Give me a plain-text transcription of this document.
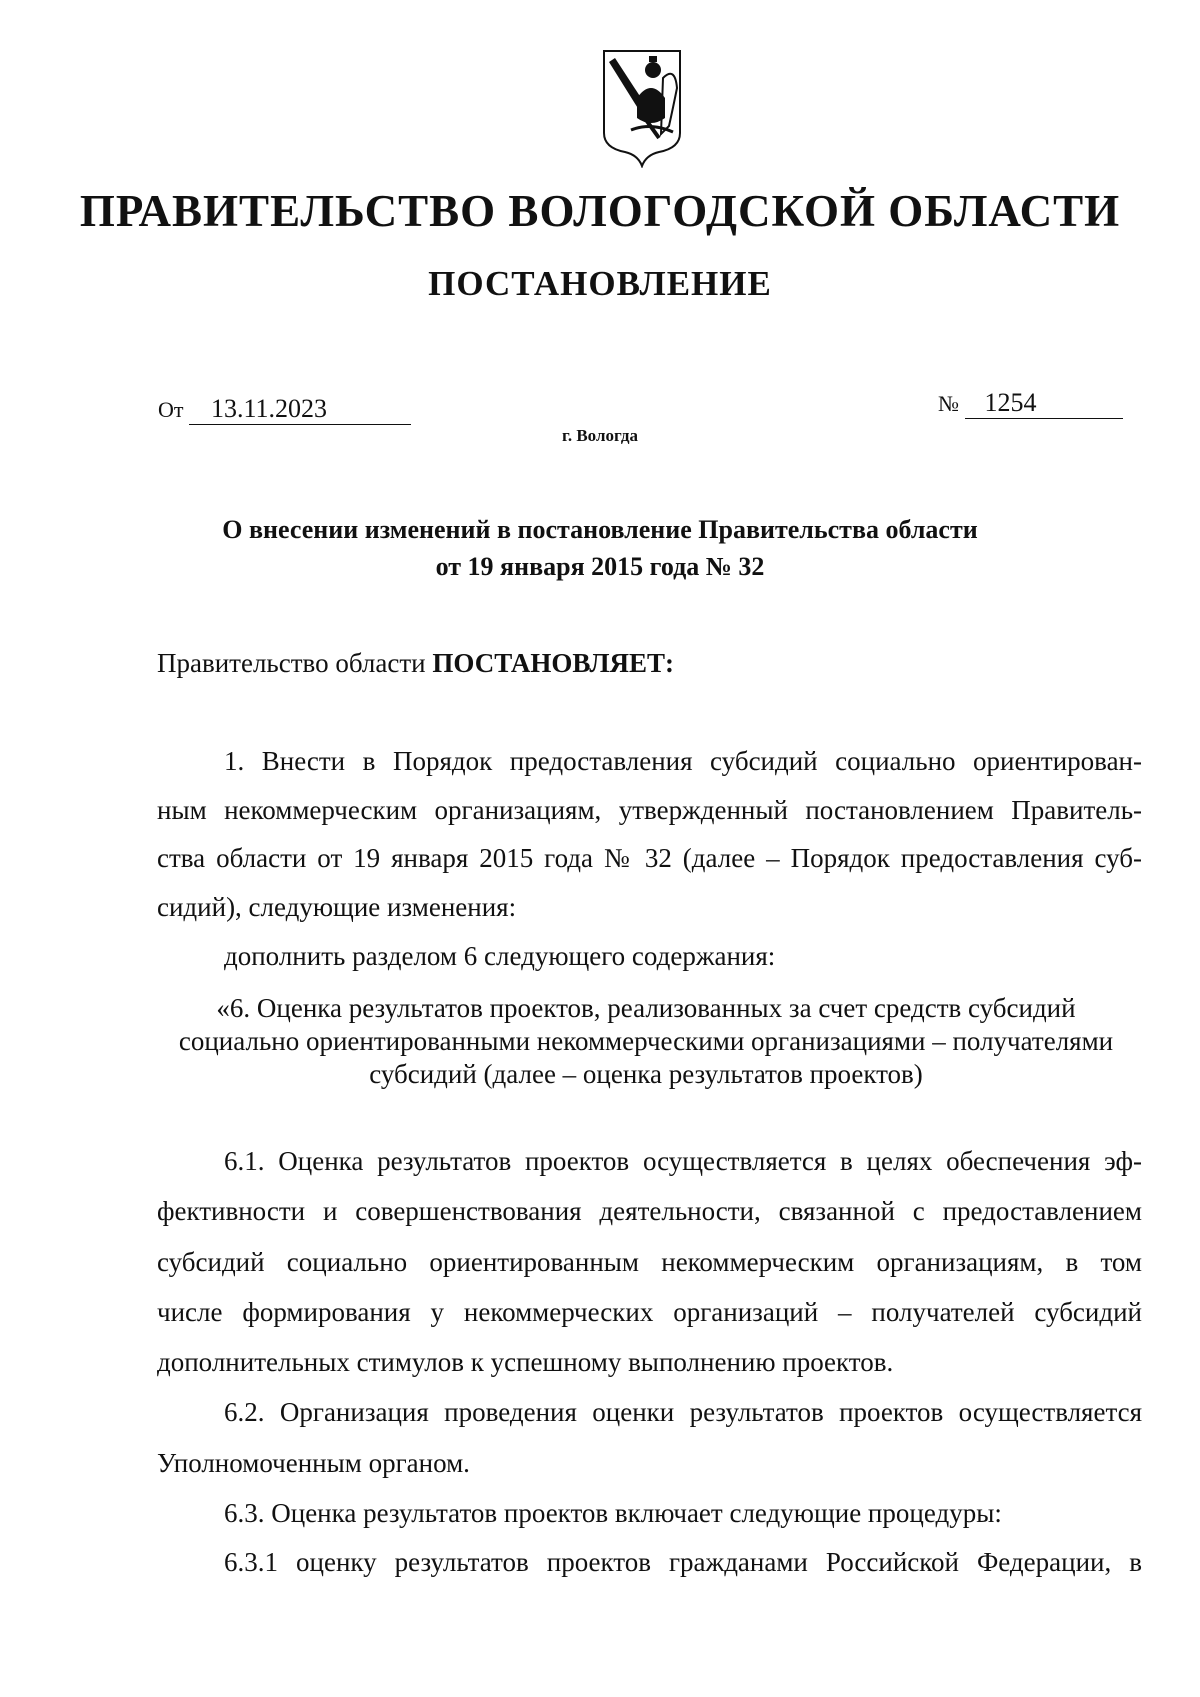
ПРАВИТЕЛЬСТВО ВОЛОГОДСКОЙ ОБЛАСТИ
ПОСТАНОВЛЕНИЕ
От 13.11.2023	№ 1254
г. Вологда
О внесении изменений в постановление Правительства области
от 19 января 2015 года № 32
Правительство области ПОСТАНОВЛЯЕТ:
1. Внести в Порядок предоставления субсидий социально ориентирован-
ным некоммерческим организациям, утвержденный постановлением Правитель-
ства области от 19 января 2015 года № 32 (далее – Порядок предоставления суб-
сидий), следующие изменения:
дополнить разделом 6 следующего содержания:
«6. Оценка результатов проектов, реализованных за счет средств субсидий
социально ориентированными некоммерческими организациями – получателями
субсидий (далее – оценка результатов проектов)
6.1. Оценка результатов проектов осуществляется в целях обеспечения эф-
фективности и совершенствования деятельности, связанной с предоставлением
субсидий социально ориентированным некоммерческим организациям, в том
числе формирования у некоммерческих организаций – получателей субсидий
дополнительных стимулов к успешному выполнению проектов.
6.2. Организация проведения оценки результатов проектов осуществляется
Уполномоченным органом.
6.3. Оценка результатов проектов включает следующие процедуры:
6.3.1 оценку результатов проектов гражданами Российской Федерации, в
